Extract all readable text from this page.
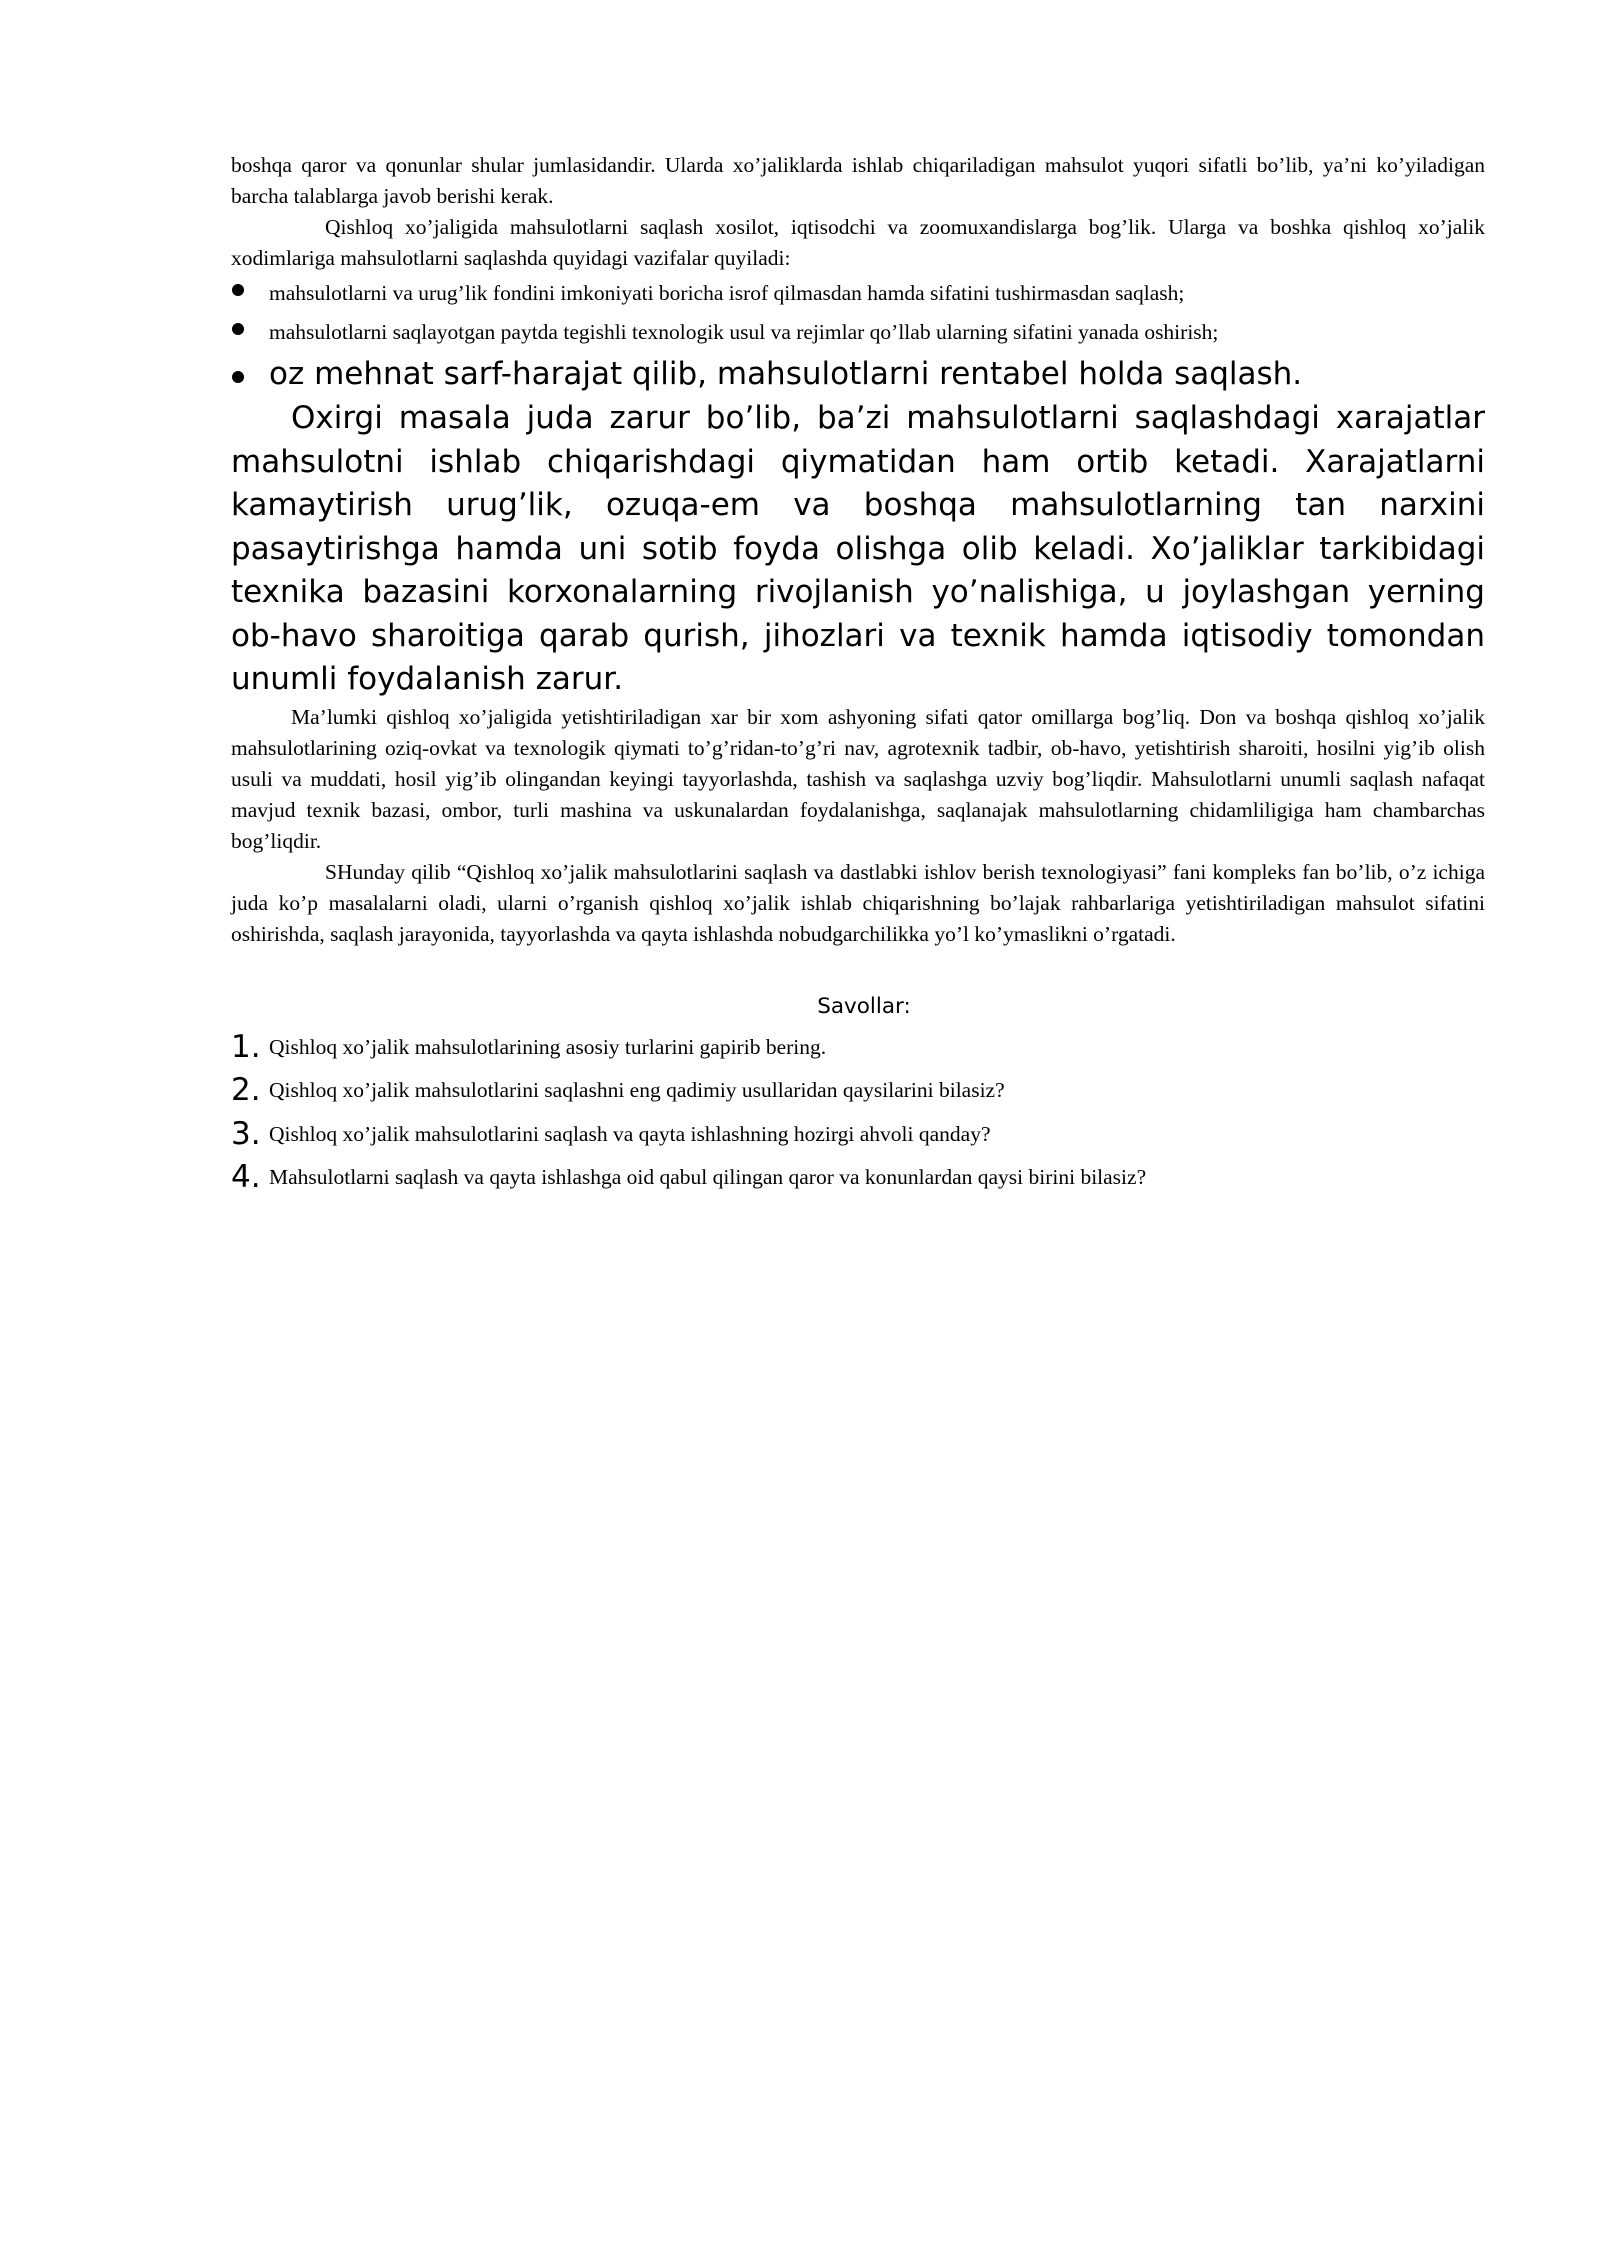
boshqa qaror va qonunlar shular jumlasidandir. Ularda xo’jaliklarda ishlab chiqariladigan mahsulot yuqori sifatli bo’lib, ya’ni ko’yiladigan barcha talablarga javob berishi kerak.

Qishloq xo’jaligida mahsulotlarni saqlash xosilot, iqtisodchi va zoomuxandislarga bog’lik. Ularga va boshka qishloq xo’jalik xodimlariga mahsulotlarni saqlashda quyidagi vazifalar quyiladi:

mahsulotlarni va urug’lik fondini imkoniyati boricha isrof qilmasdan hamda sifatini tushirmasdan saqlash;
mahsulotlarni saqlayotgan paytda tegishli texnologik usul va rejimlar qo’llab ularning sifatini yanada oshirish;
oz mehnat sarf-harajat qilib, mahsulotlarni rentabel holda saqlash.

Oxirgi masala juda zarur bo’lib, ba’zi mahsulotlarni saqlashdagi xarajatlar mahsulotni ishlab chiqarishdagi qiymatidan ham ortib ketadi. Xarajatlarni kamaytirish urug’lik, ozuqa-em va boshqa mahsulotlarning tan narxini pasaytirishga hamda uni sotib foyda olishga olib keladi. Xo’jaliklar tarkibidagi texnika bazasini korxonalarning rivojlanish yo’nalishiga, u joylashgan yerning ob-havo sharoitiga qarab qurish, jihozlari va texnik hamda iqtisodiy tomondan unumli foydalanish zarur.

Ma’lumki qishloq xo’jaligida yetishtiriladigan xar bir xom ashyoning sifati qator omillarga bog’liq. Don va boshqa qishloq xo’jalik mahsulotlarining oziq-ovkat va texnologik qiymati to’g’ridan-to’g’ri nav, agrotexnik tadbir, ob-havo, yetishtirish sharoiti, hosilni yig’ib olish usuli va muddati, hosil yig’ib olingandan keyingi tayyorlashda, tashish va saqlashga uzviy bog’liqdir. Mahsulotlarni unumli saqlash nafaqat mavjud texnik bazasi, ombor, turli mashina va uskunalardan foydalanishga, saqlanajak mahsulotlarning chidamliligiga ham chambarchas bog’liqdir.

SHunday qilib “Qishloq xo’jalik mahsulotlarini saqlash va dastlabki ishlov berish texnologiyasi” fani kompleks fan bo’lib, o’z ichiga juda ko’p masalalarni oladi, ularni o’rganish qishloq xo’jalik ishlab chiqarishning bo’lajak rahbarlariga yetishtiriladigan mahsulot sifatini oshirishda, saqlash jarayonida, tayyorlashda va qayta ishlashda nobudgarchilikka yo’l ko’ymaslikni o’rgatadi.

Savollar:
1. Qishloq xo’jalik mahsulotlarining asosiy turlarini gapirib bering.
2. Qishloq xo’jalik mahsulotlarini saqlashni eng qadimiy usullaridan qaysilarini bilasiz?
3. Qishloq xo’jalik mahsulotlarini saqlash va qayta ishlashning hozirgi ahvoli qanday?
4. Mahsulotlarni saqlash va qayta ishlashga oid qabul qilingan qaror va konunlardan qaysi birini bilasiz?
